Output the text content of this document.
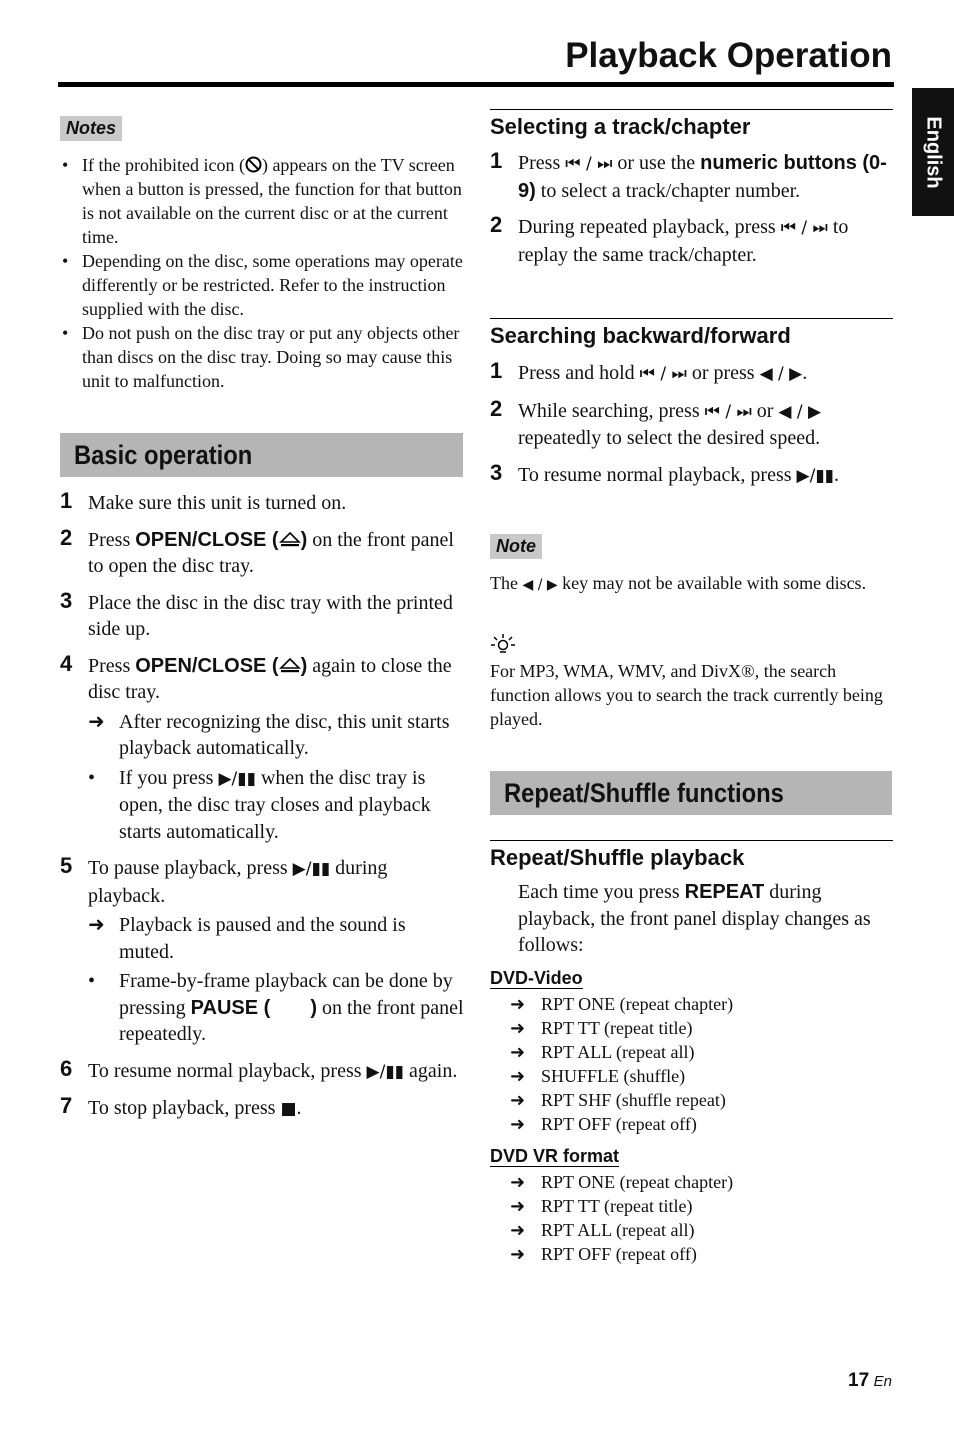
Playback Operation
English
Notes
• If the prohibited icon ( ) appears on the TV screen when a button is pressed, the function for that button is not available on the current disc or at the current time.
• Depending on the disc, some operations may operate differently or be restricted. Refer to the instruction supplied with the disc.
• Do not push on the disc tray or put any objects other than discs on the disc tray. Doing so may cause this unit to malfunction.
Basic operation
1 Make sure this unit is turned on.
2 Press OPEN/CLOSE ( ) on the front panel to open the disc tray.
3 Place the disc in the disc tray with the printed side up.
4 Press OPEN/CLOSE ( ) again to close the disc tray.
➜ After recognizing the disc, this unit starts playback automatically.
• If you press ▶/▮▮ when the disc tray is open, the disc tray closes and playback starts automatically.
5 To pause playback, press ▶/▮▮ during playback.
➜ Playback is paused and the sound is muted.
• Frame-by-frame playback can be done by pressing PAUSE ( ) on the front panel repeatedly.
6 To resume normal playback, press ▶/▮▮ again.
7 To stop playback, press ■.
Selecting a track/chapter
1 Press ⏮ / ⏭ or use the numeric buttons (0-9) to select a track/chapter number.
2 During repeated playback, press ⏮ / ⏭ to replay the same track/chapter.
Searching backward/forward
1 Press and hold ⏮ / ⏭ or press ◀ / ▶.
2 While searching, press ⏮ / ⏭ or ◀ / ▶ repeatedly to select the desired speed.
3 To resume normal playback, press ▶/▮▮.
Note
The ◀ / ▶ key may not be available with some discs.
For MP3, WMA, WMV, and DivX®, the search function allows you to search the track currently being played.
Repeat/Shuffle functions
Repeat/Shuffle playback
Each time you press REPEAT during playback, the front panel display changes as follows:
DVD-Video
➜ RPT ONE (repeat chapter)
➜ RPT TT (repeat title)
➜ RPT ALL (repeat all)
➜ SHUFFLE (shuffle)
➜ RPT SHF (shuffle repeat)
➜ RPT OFF (repeat off)
DVD VR format
➜ RPT ONE (repeat chapter)
➜ RPT TT (repeat title)
➜ RPT ALL (repeat all)
➜ RPT OFF (repeat off)
17 En
